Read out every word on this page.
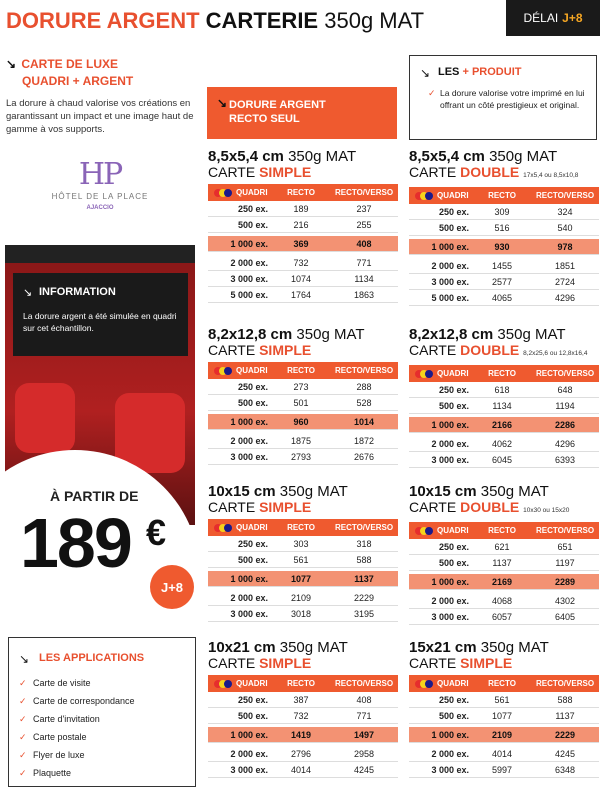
DORURE ARGENT CARTERIE 350g MAT	DÉLAI J+8
↘ CARTE DE LUXE
QUADRI + ARGENT
La dorure à chaud valorise vos créations en garantissant un impact et une image haut de gamme à vos supports.
↘ DORURE ARGENT
RECTO SEUL
↘ LES + PRODUIT

✓ La dorure valorise votre imprimé en lui offrant un côté prestigieux et original.

HP
HÔTEL DE LA PLACE
AJACCIO
↘ INFORMATION

La dorure argent a été simulée en quadri sur cet échantillon.

À PARTIR DE
189 €
J+8
↘ LES APPLICATIONS
✓ Carte de visite
✓ Carte de correspondance
✓ Carte d'invitation
✓ Carte postale
✓ Flyer de luxe
✓ Plaquette
8,5x5,4 cm 350g MAT
CARTE SIMPLE
QUADRI	RECTO	RECTO/VERSO
250 ex.	189	237
500 ex.	216	255
1 000 ex.	369	408
2 000 ex.	732	771
3 000 ex.	1074	1134
5 000 ex.	1764	1863
8,5x5,4 cm 350g MAT
CARTE DOUBLE 17x5,4 ou 8,5x10,8
QUADRI	RECTO	RECTO/VERSO
250 ex.	309	324
500 ex.	516	540
1 000 ex.	930	978
2 000 ex.	1455	1851
3 000 ex.	2577	2724
5 000 ex.	4065	4296
8,2x12,8 cm 350g MAT
CARTE SIMPLE
QUADRI	RECTO	RECTO/VERSO
250 ex.	273	288
500 ex.	501	528
1 000 ex.	960	1014
2 000 ex.	1875	1872
3 000 ex.	2793	2676
8,2x12,8 cm 350g MAT
CARTE DOUBLE 8,2x25,6 ou 12,8x16,4
QUADRI	RECTO	RECTO/VERSO
250 ex.	618	648
500 ex.	1134	1194
1 000 ex.	2166	2286
2 000 ex.	4062	4296
3 000 ex.	6045	6393
10x15 cm 350g MAT
CARTE SIMPLE
QUADRI	RECTO	RECTO/VERSO
250 ex.	303	318
500 ex.	561	588
1 000 ex.	1077	1137
2 000 ex.	2109	2229
3 000 ex.	3018	3195
10x15 cm 350g MAT
CARTE DOUBLE 10x30 ou 15x20
QUADRI	RECTO	RECTO/VERSO
250 ex.	621	651
500 ex.	1137	1197
1 000 ex.	2169	2289
2 000 ex.	4068	4302
3 000 ex.	6057	6405
10x21 cm 350g MAT
CARTE SIMPLE
QUADRI	RECTO	RECTO/VERSO
250 ex.	387	408
500 ex.	732	771
1 000 ex.	1419	1497
2 000 ex.	2796	2958
3 000 ex.	4014	4245
15x21 cm 350g MAT
CARTE SIMPLE
QUADRI	RECTO	RECTO/VERSO
250 ex.	561	588
500 ex.	1077	1137
1 000 ex.	2109	2229
2 000 ex.	4014	4245
3 000 ex.	5997	6348
